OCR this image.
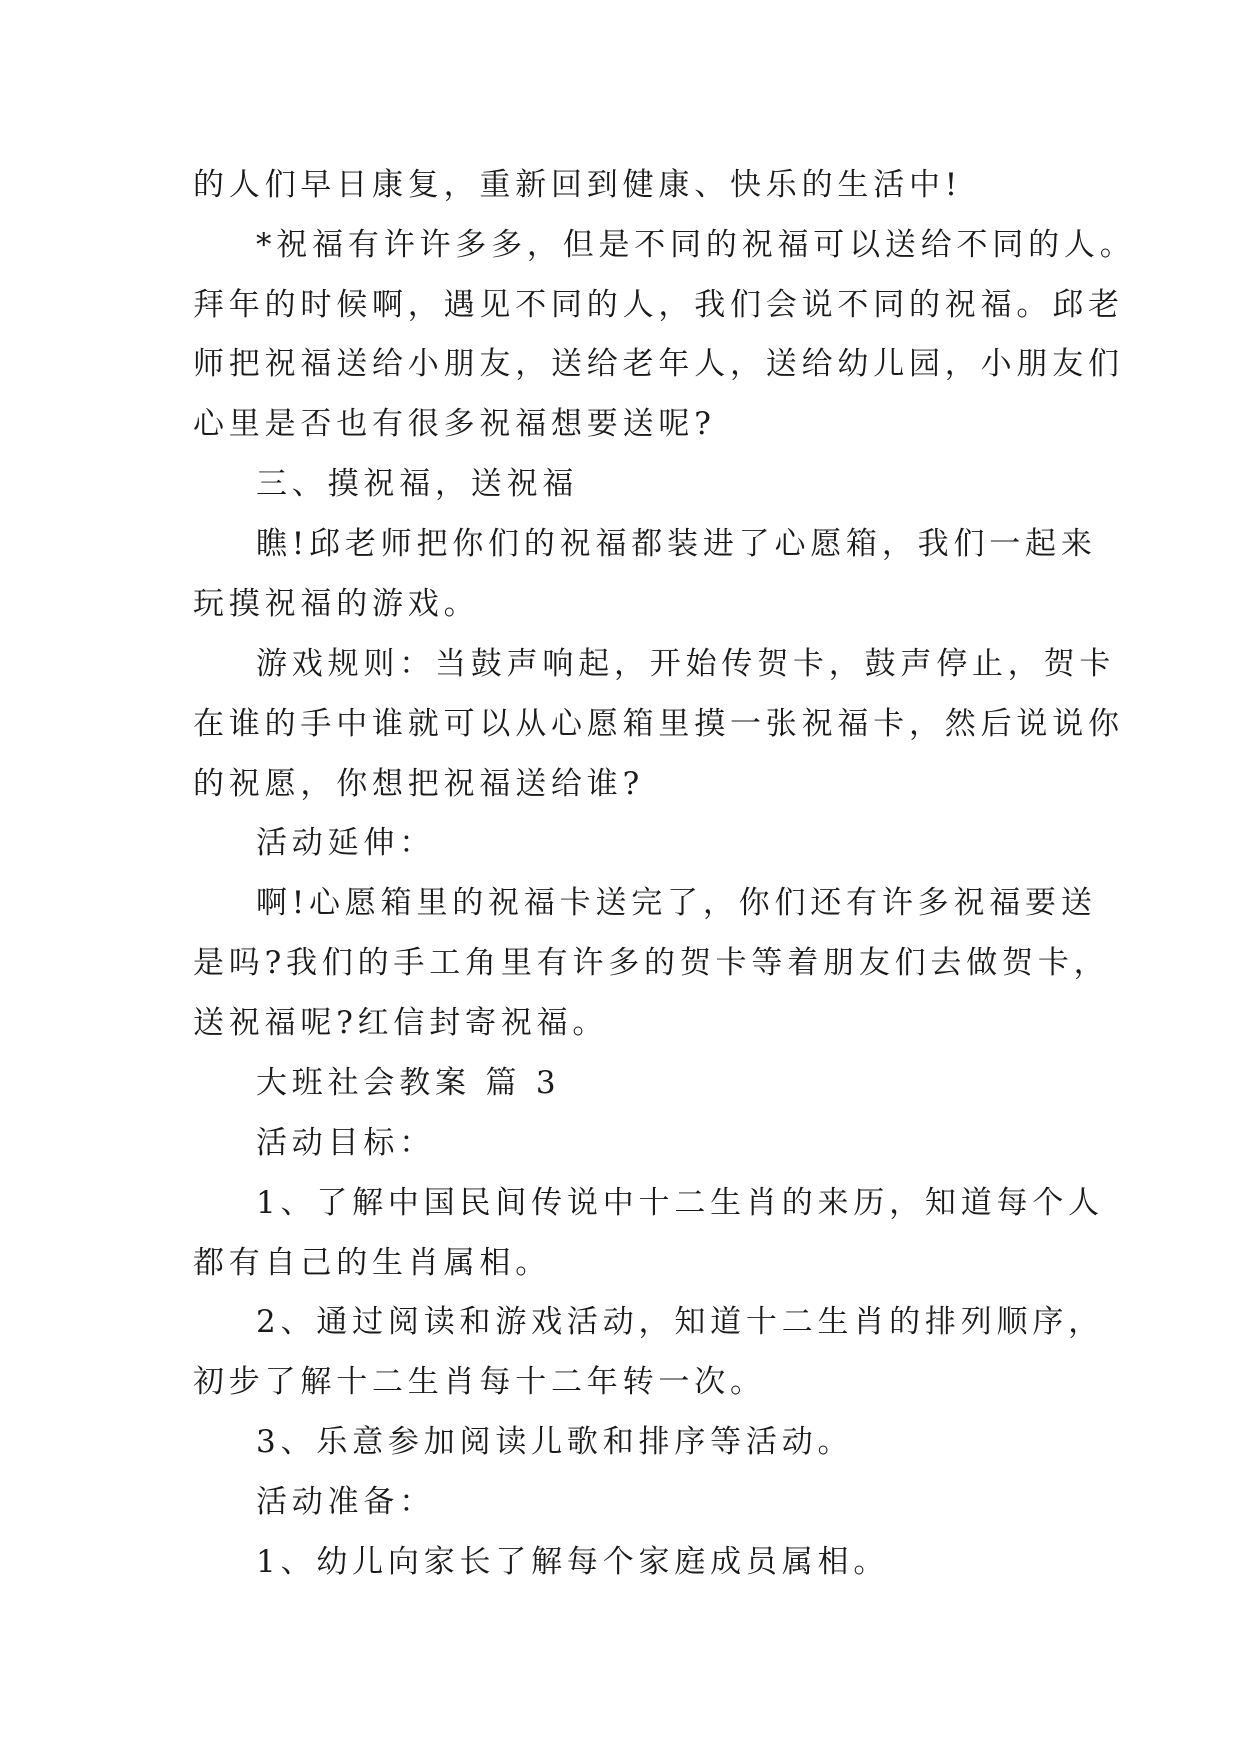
的人们早日康复，重新回到健康、快乐的生活中!
*祝福有许许多多，但是不同的祝福可以送给不同的人。
拜年的时候啊，遇见不同的人，我们会说不同的祝福。邱老
师把祝福送给小朋友，送给老年人，送给幼儿园，小朋友们
心里是否也有很多祝福想要送呢?
三、摸祝福，送祝福
瞧!邱老师把你们的祝福都装进了心愿箱，我们一起来
玩摸祝福的游戏。
游戏规则：当鼓声响起，开始传贺卡，鼓声停止，贺卡
在谁的手中谁就可以从心愿箱里摸一张祝福卡，然后说说你
的祝愿，你想把祝福送给谁?
活动延伸：
啊!心愿箱里的祝福卡送完了，你们还有许多祝福要送
是吗?我们的手工角里有许多的贺卡等着朋友们去做贺卡，
送祝福呢?红信封寄祝福。
大班社会教案 篇 3
活动目标：
1、了解中国民间传说中十二生肖的来历，知道每个人
都有自己的生肖属相。
2、通过阅读和游戏活动，知道十二生肖的排列顺序，
初步了解十二生肖每十二年转一次。
3、乐意参加阅读儿歌和排序等活动。
活动准备：
1、幼儿向家长了解每个家庭成员属相。
